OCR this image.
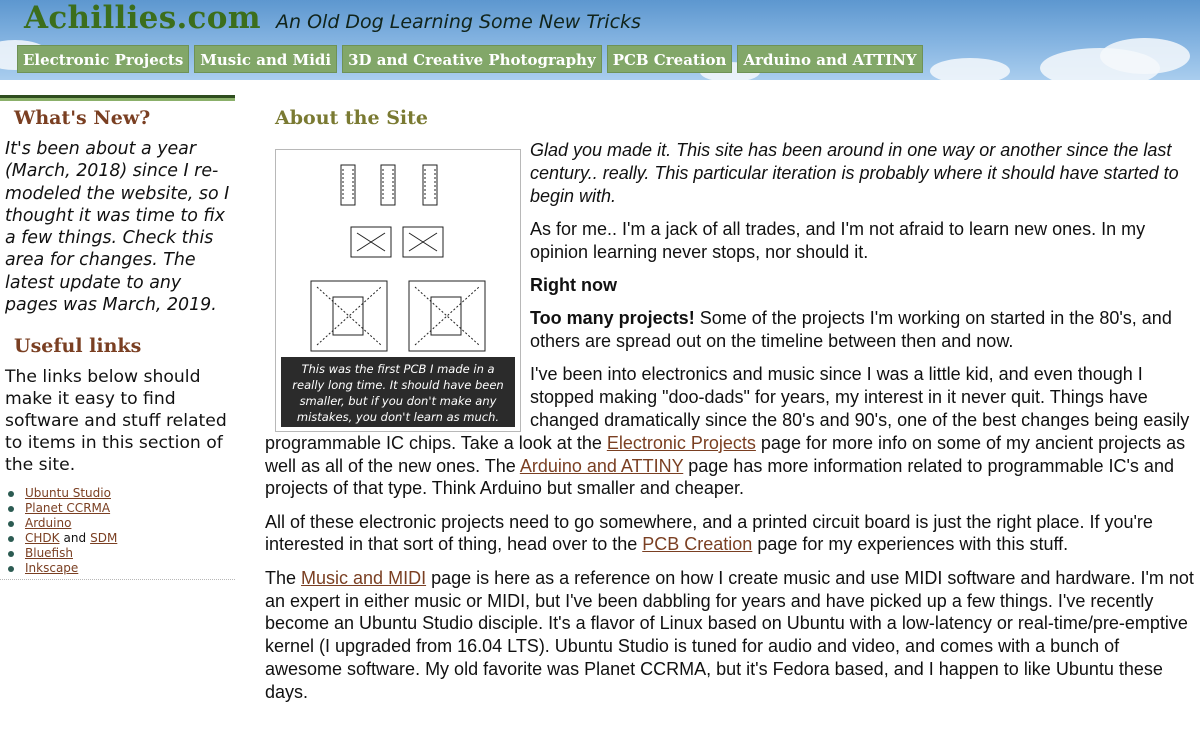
Achillies.com An Old Dog Learning Some New Tricks
Electronic Projects	Music and Midi	3D and Creative Photography	PCB Creation	Arduino and ATTINY
What's New?
It's been about a year (March, 2018) since I re-modeled the website, so I thought it was time to fix a few things. Check this area for changes. The latest update to any pages was March, 2019.
Useful links
The links below should make it easy to find software and stuff related to items in this section of the site.
Ubuntu Studio
Planet CCRMA
Arduino
CHDK and SDM
Bluefish
Inkscape
About the Site
This was the first PCB I made in a really long time. It should have been smaller, but if you don't make any mistakes, you don't learn as much.

Glad you made it. This site has been around in one way or another since the last century.. really. This particular iteration is probably where it should have started to begin with.

As for me.. I'm a jack of all trades, and I'm not afraid to learn new ones. In my opinion learning never stops, nor should it.

Right now

Too many projects! Some of the projects I'm working on started in the 80's, and others are spread out on the timeline between then and now.

I've been into electronics and music since I was a little kid, and even though I stopped making "doo-dads" for years, my interest in it never quit. Things have changed dramatically since the 80's and 90's, one of the best changes being easily programmable IC chips. Take a look at the Electronic Projects page for more info on some of my ancient projects as well as all of the new ones. The Arduino and ATTINY page has more information related to programmable IC's and projects of that type. Think Arduino but smaller and cheaper.

All of these electronic projects need to go somewhere, and a printed circuit board is just the right place. If you're interested in that sort of thing, head over to the PCB Creation page for my experiences with this stuff.

The Music and MIDI page is here as a reference on how I create music and use MIDI software and hardware. I'm not an expert in either music or MIDI, but I've been dabbling for years and have picked up a few things. I've recently become an Ubuntu Studio disciple. It's a flavor of Linux based on Ubuntu with a low-latency or real-time/pre-emptive kernel (I upgraded from 16.04 LTS). Ubuntu Studio is tuned for audio and video, and comes with a bunch of awesome software. My old favorite was Planet CCRMA, but it's Fedora based, and I happen to like Ubuntu these days.
